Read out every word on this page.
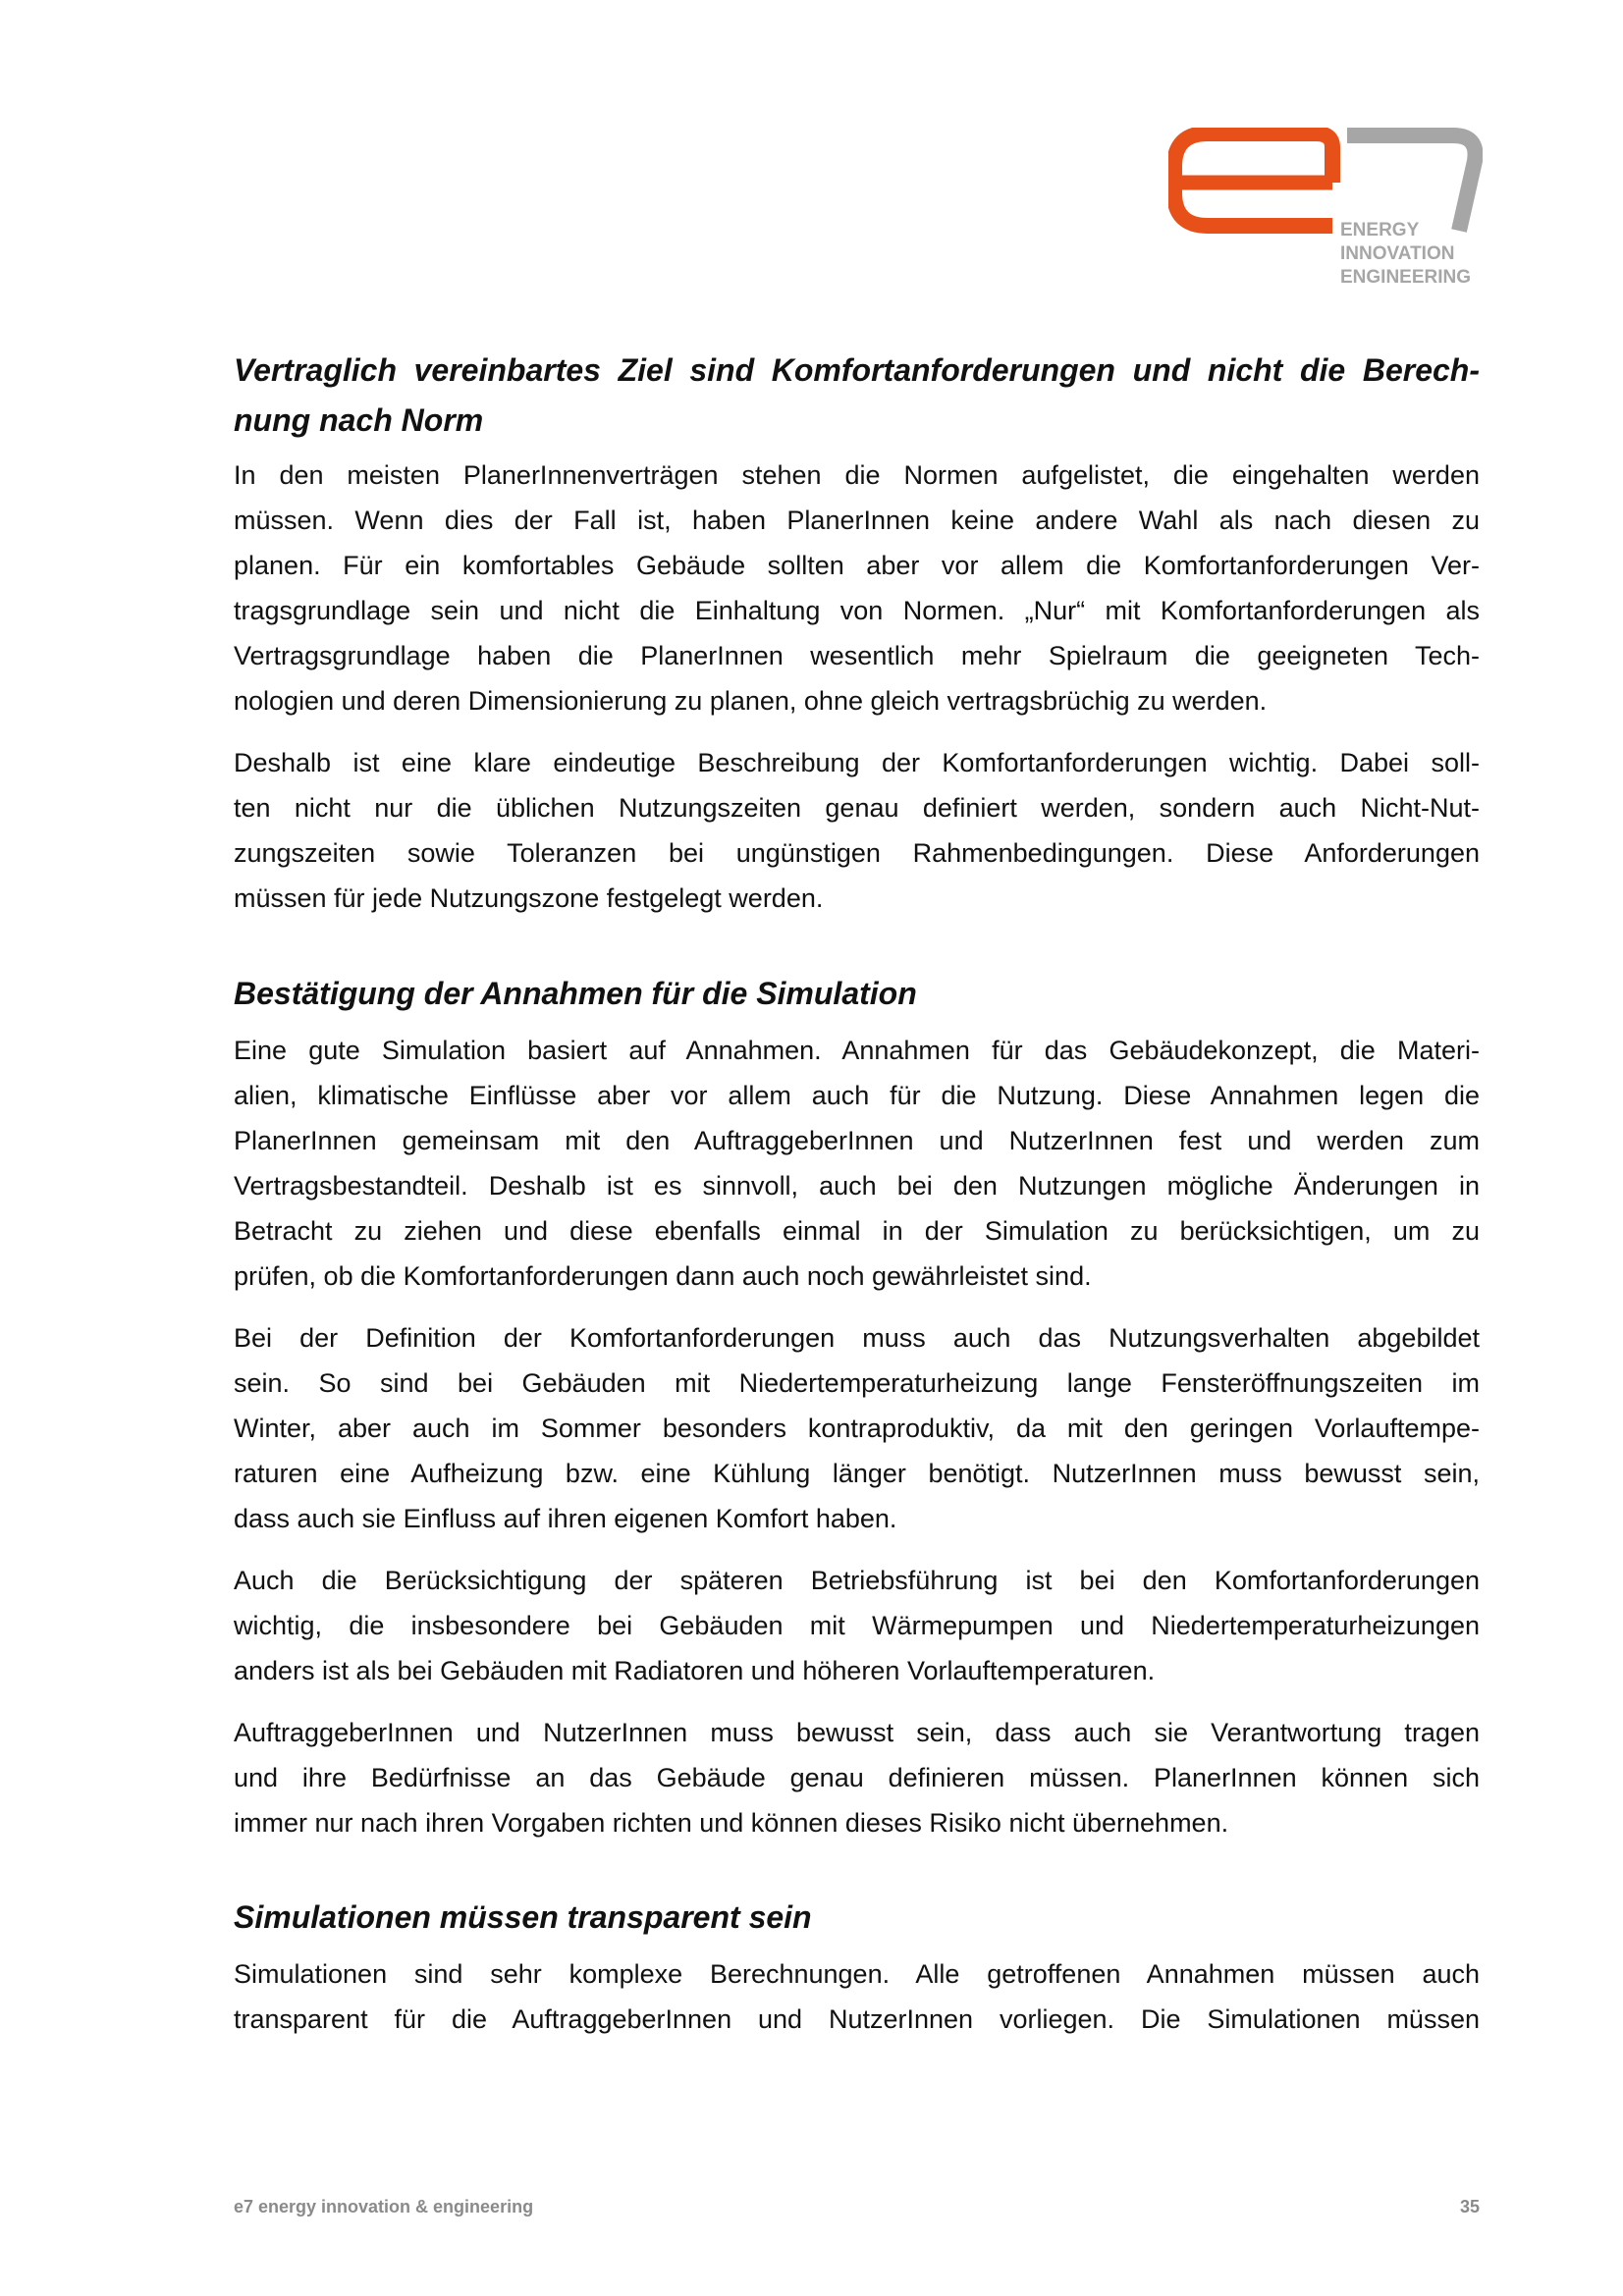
ENERGY
INNOVATION
ENGINEERING
Vertraglich vereinbartes Ziel sind Komfortanforderungen und nicht die Berech-
nung nach Norm
In den meisten PlanerInnenverträgen stehen die Normen aufgelistet, die eingehalten werden
müssen. Wenn dies der Fall ist, haben PlanerInnen keine andere Wahl als nach diesen zu
planen. Für ein komfortables Gebäude sollten aber vor allem die Komfortanforderungen Ver-
tragsgrundlage sein und nicht die Einhaltung von Normen. „Nur“ mit Komfortanforderungen als
Vertragsgrundlage haben die PlanerInnen wesentlich mehr Spielraum die geeigneten Tech-
nologien und deren Dimensionierung zu planen, ohne gleich vertragsbrüchig zu werden.
Deshalb ist eine klare eindeutige Beschreibung der Komfortanforderungen wichtig. Dabei soll-
ten nicht nur die üblichen Nutzungszeiten genau definiert werden, sondern auch Nicht-Nut-
zungszeiten sowie Toleranzen bei ungünstigen Rahmenbedingungen. Diese Anforderungen
müssen für jede Nutzungszone festgelegt werden.
Bestätigung der Annahmen für die Simulation
Eine gute Simulation basiert auf Annahmen. Annahmen für das Gebäudekonzept, die Materi-
alien, klimatische Einflüsse aber vor allem auch für die Nutzung. Diese Annahmen legen die
PlanerInnen gemeinsam mit den AuftraggeberInnen und NutzerInnen fest und werden zum
Vertragsbestandteil. Deshalb ist es sinnvoll, auch bei den Nutzungen mögliche Änderungen in
Betracht zu ziehen und diese ebenfalls einmal in der Simulation zu berücksichtigen, um zu
prüfen, ob die Komfortanforderungen dann auch noch gewährleistet sind.
Bei der Definition der Komfortanforderungen muss auch das Nutzungsverhalten abgebildet
sein. So sind bei Gebäuden mit Niedertemperaturheizung lange Fensteröffnungszeiten im
Winter, aber auch im Sommer besonders kontraproduktiv, da mit den geringen Vorlauftempe-
raturen eine Aufheizung bzw. eine Kühlung länger benötigt. NutzerInnen muss bewusst sein,
dass auch sie Einfluss auf ihren eigenen Komfort haben.
Auch die Berücksichtigung der späteren Betriebsführung ist bei den Komfortanforderungen
wichtig, die insbesondere bei Gebäuden mit Wärmepumpen und Niedertemperaturheizungen
anders ist als bei Gebäuden mit Radiatoren und höheren Vorlauftemperaturen.
AuftraggeberInnen und NutzerInnen muss bewusst sein, dass auch sie Verantwortung tragen
und ihre Bedürfnisse an das Gebäude genau definieren müssen. PlanerInnen können sich
immer nur nach ihren Vorgaben richten und können dieses Risiko nicht übernehmen.
Simulationen müssen transparent sein
Simulationen sind sehr komplexe Berechnungen. Alle getroffenen Annahmen müssen auch
transparent für die AuftraggeberInnen und NutzerInnen vorliegen. Die Simulationen müssen
e7 energy innovation & engineering	35
